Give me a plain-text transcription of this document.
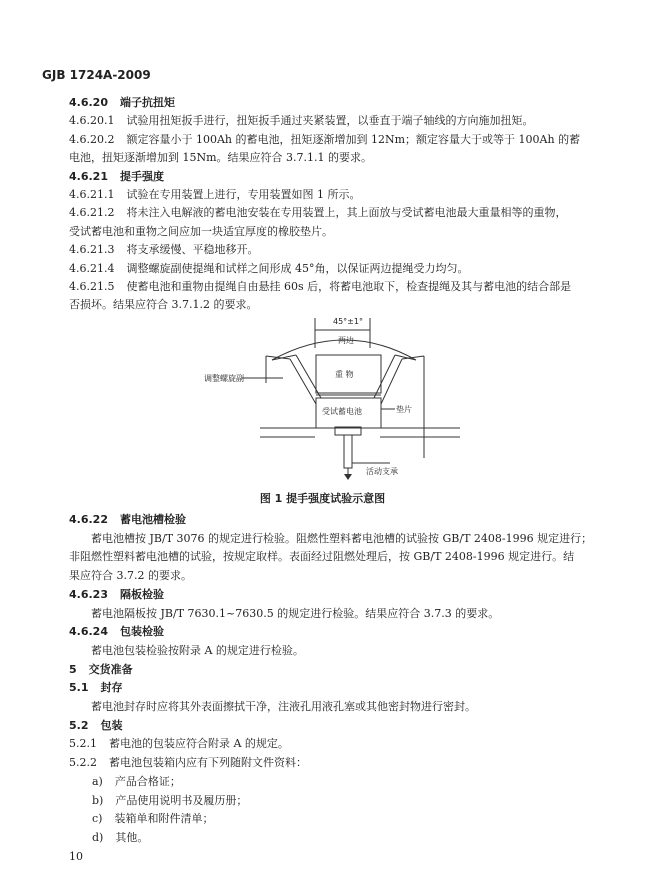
GJB 1724A-2009
4.6.20 端子抗扭矩
4.6.20.1 试验用扭矩扳手进行，扭矩扳手通过夹紧装置，以垂直于端子轴线的方向施加扭矩。
4.6.20.2 额定容量小于 100Ah 的蓄电池，扭矩逐渐增加到 12Nm；额定容量大于或等于 100Ah 的蓄
电池，扭矩逐渐增加到 15Nm。结果应符合 3.7.1.1 的要求。
4.6.21 提手强度
4.6.21.1 试验在专用装置上进行，专用装置如图 1 所示。
4.6.21.2 将未注入电解液的蓄电池安装在专用装置上，其上面放与受试蓄电池最大重量相等的重物，
受试蓄电池和重物之间应加一块适宜厚度的橡胶垫片。
4.6.21.3 将支承缓慢、平稳地移开。
4.6.21.4 调整螺旋副使提绳和试样之间形成 45°角，以保证两边提绳受力均匀。
4.6.21.5 使蓄电池和重物由提绳自由悬挂 60s 后，将蓄电池取下，检查提绳及其与蓄电池的结合部是
否损坏。结果应符合 3.7.1.2 的要求。
45°±1°
两边
重 物
调整螺旋副
受试蓄电池	垫片
活动支承
图 1 提手强度试验示意图
4.6.22 蓄电池槽检验
蓄电池槽按 JB/T 3076 的规定进行检验。阻燃性塑料蓄电池槽的试验按 GB/T 2408-1996 规定进行；
非阻燃性塑料蓄电池槽的试验，按规定取样。表面经过阻燃处理后，按 GB/T 2408-1996 规定进行。结
果应符合 3.7.2 的要求。
4.6.23 隔板检验
蓄电池隔板按 JB/T 7630.1~7630.5 的规定进行检验。结果应符合 3.7.3 的要求。
4.6.24 包装检验
蓄电池包装检验按附录 A 的规定进行检验。
5 交货准备
5.1 封存
蓄电池封存时应将其外表面擦拭干净，注液孔用液孔塞或其他密封物进行密封。
5.2 包装
5.2.1 蓄电池的包装应符合附录 A 的规定。
5.2.2 蓄电池包装箱内应有下列随附文件资料：
a) 产品合格证；
b) 产品使用说明书及履历册；
c) 装箱单和附件清单；
d) 其他。
10
